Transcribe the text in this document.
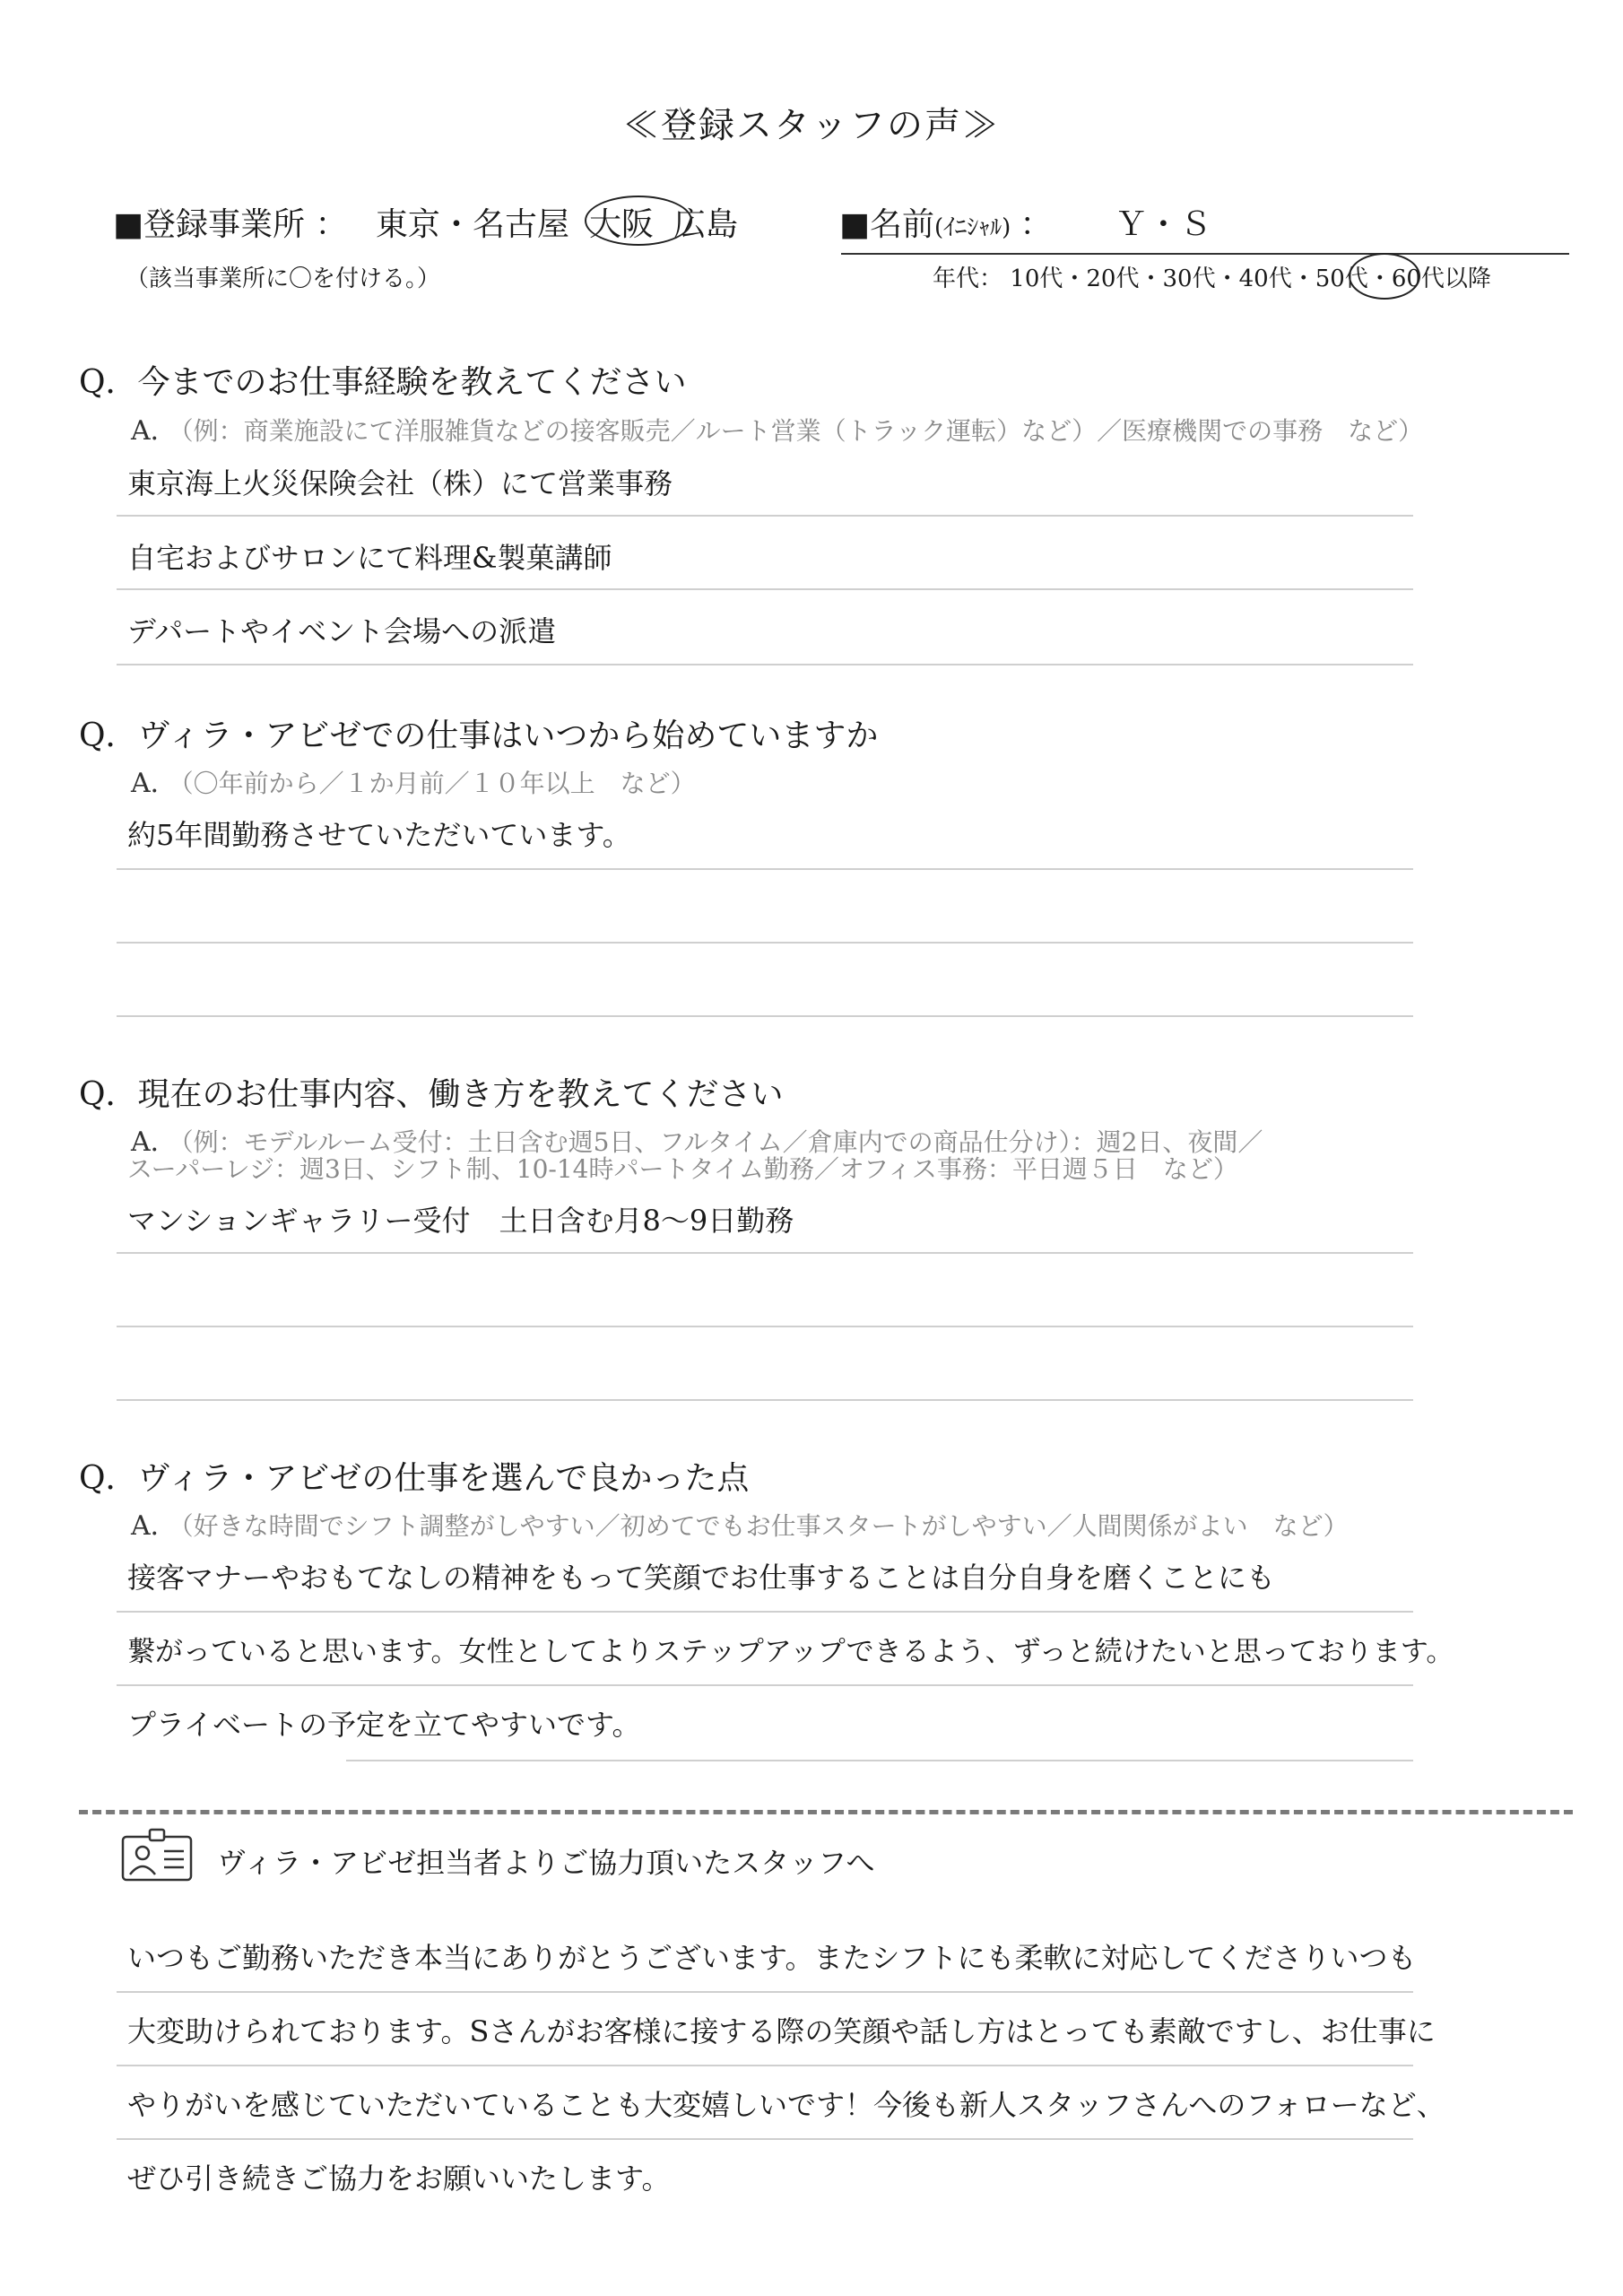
≪登録スタッフの声≫
■登録事業所 ： 東京・名古屋 大阪 広島
（該当事業所に〇を付ける。）
■名前(ｲﾆｼｬﾙ) ： Ｙ・Ｓ
年代： 10代・20代・30代・40代・50代・60代以降
Q．今までのお仕事経験を教えてください
A． （例：商業施設にて洋服雑貨などの接客販売／ルート営業（トラック運転）など）／医療機関での事務　など）
東京海上火災保険会社（株）にて営業事務
自宅およびサロンにて料理&製菓講師
デパートやイベント会場への派遣
Q．ヴィラ・アビゼでの仕事はいつから始めていますか
A． （〇年前から／１か月前／１０年以上　など）
約5年間勤務させていただいています。
Q．現在のお仕事内容、働き方を教えてください
A． （例：モデルルーム受付：土日含む週5日、フルタイム／倉庫内での商品仕分け）：週2日、夜間／
スーパーレジ：週3日、シフト制、10-14時パートタイム勤務／オフィス事務：平日週５日　など）
マンションギャラリー受付　土日含む月8〜9日勤務
Q．ヴィラ・アビゼの仕事を選んで良かった点
A． （好きな時間でシフト調整がしやすい／初めてでもお仕事スタートがしやすい／人間関係がよい　など）
接客マナーやおもてなしの精神をもって笑顔でお仕事することは自分自身を磨くことにも
繋がっていると思います。女性としてよりステップアップできるよう、ずっと続けたいと思っております。
プライベートの予定を立てやすいです。
ヴィラ・アビゼ担当者よりご協力頂いたスタッフへ
いつもご勤務いただき本当にありがとうございます。またシフトにも柔軟に対応してくださりいつも
大変助けられております。Sさんがお客様に接する際の笑顔や話し方はとっても素敵ですし、お仕事に
やりがいを感じていただいていることも大変嬉しいです！今後も新人スタッフさんへのフォローなど、
ぜひ引き続きご協力をお願いいたします。
